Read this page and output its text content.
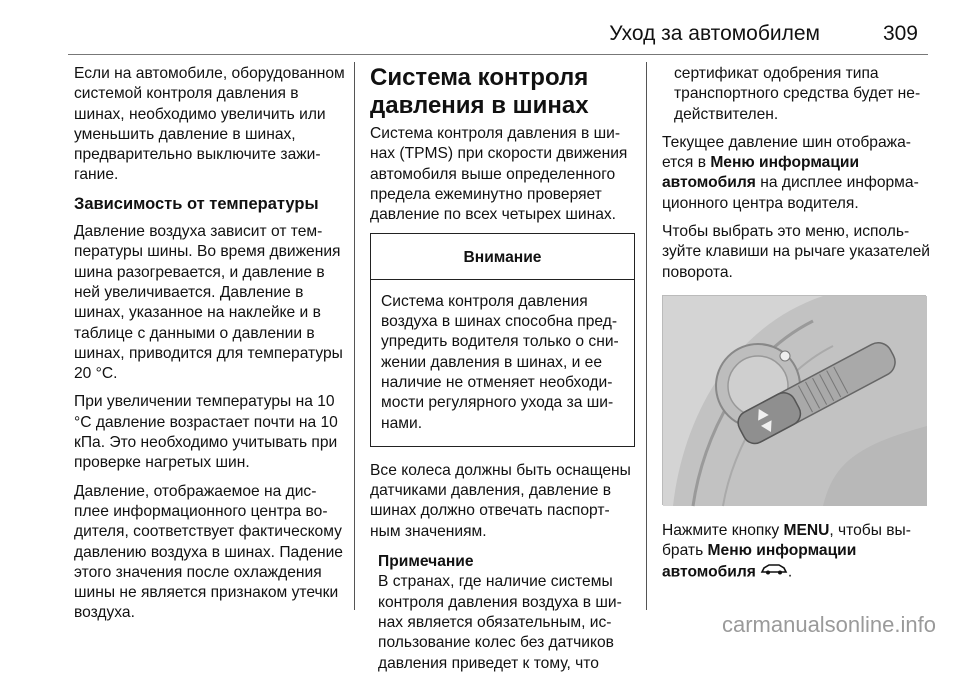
Уход за автомобилем	309

Если на автомобиле, оборудованном системой контроля давления в шинах, необходимо увеличить или уменьшить давление в шинах, предварительно выключите зажигание.

Зависимость от температуры

Давление воздуха зависит от температуры шины. Во время движения шина разогревается, и давление в ней увеличивается. Давление в шинах, указанное на наклейке и в таблице с данными о давлении в шинах, приводится для температуры 20 °C.

При увеличении температуры на 10 °C давление возрастает почти на 10 кПа. Это необходимо учитывать при проверке нагретых шин.

Давление, отображаемое на дисплее информационного центра водителя, соответствует фактическому давлению воздуха в шинах. Падение этого значения после охлаждения шины не является признаком утечки воздуха.

Система контроля давления в шинах

Система контроля давления в шинах (TPMS) при скорости движения автомобиля выше определенного предела ежеминутно проверяет давление по всех четырех шинах.

Внимание
Система контроля давления воздуха в шинах способна предупредить водителя только о снижении давления в шинах, и ее наличие не отменяет необходимости регулярного ухода за шинами.

Все колеса должны быть оснащены датчиками давления, давление в шинах должно отвечать паспортным значениям.

Примечание
В странах, где наличие системы контроля давления воздуха в шинах является обязательным, использование колес без датчиков давления приведет к тому, что

сертификат одобрения типа транспортного средства будет недействителен.

Текущее давление шин отображается в Меню информации автомобиля на дисплее информационного центра водителя.

Чтобы выбрать это меню, используйте клавиши на рычаге указателей поворота.

Нажмите кнопку MENU, чтобы выбрать Меню информации автомобиля .

carmanualsonline.info
